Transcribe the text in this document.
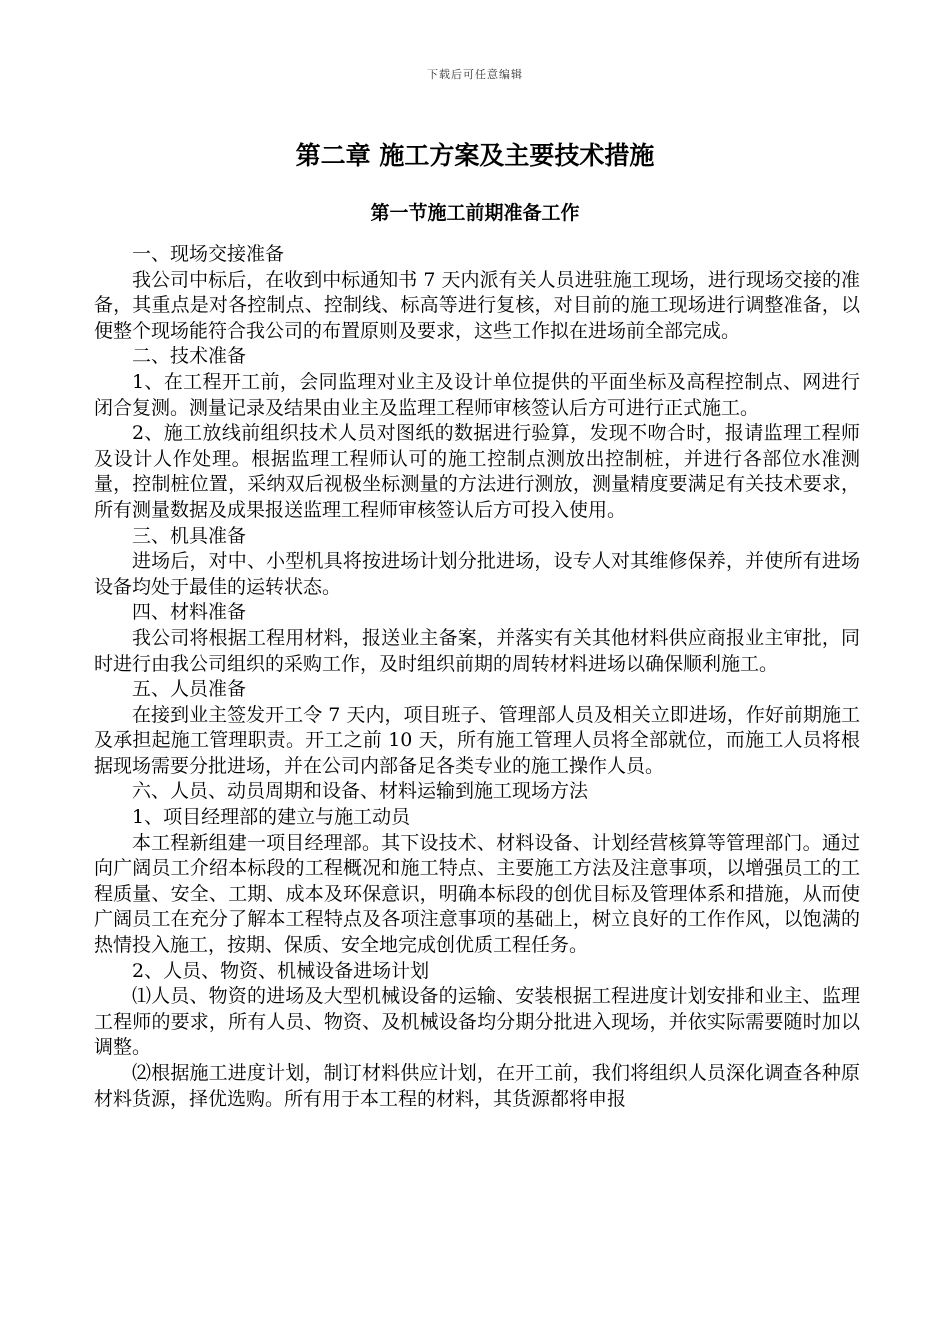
下载后可任意编辑
第二章 施工方案及主要技术措施
第一节施工前期准备工作

一、现场交接准备

我公司中标后，在收到中标通知书 7 天内派有关人员进驻施工现场，进行现场交接的准备，其重点是对各控制点、控制线、标高等进行复核，对目前的施工现场进行调整准备，以便整个现场能符合我公司的布置原则及要求，这些工作拟在进场前全部完成。

二、技术准备

1、在工程开工前，会同监理对业主及设计单位提供的平面坐标及高程控制点、网进行闭合复测。测量记录及结果由业主及监理工程师审核签认后方可进行正式施工。

2、施工放线前组织技术人员对图纸的数据进行验算，发现不吻合时，报请监理工程师及设计人作处理。根据监理工程师认可的施工控制点测放出控制桩，并进行各部位水准测量，控制桩位置，采纳双后视极坐标测量的方法进行测放，测量精度要满足有关技术要求，所有测量数据及成果报送监理工程师审核签认后方可投入使用。

三、机具准备

进场后，对中、小型机具将按进场计划分批进场，设专人对其维修保养，并使所有进场设备均处于最佳的运转状态。

四、材料准备

我公司将根据工程用材料，报送业主备案，并落实有关其他材料供应商报业主审批，同时进行由我公司组织的采购工作，及时组织前期的周转材料进场以确保顺利施工。

五、人员准备

在接到业主签发开工令 7 天内，项目班子、管理部人员及相关立即进场，作好前期施工及承担起施工管理职责。开工之前 10 天，所有施工管理人员将全部就位，而施工人员将根据现场需要分批进场，并在公司内部备足各类专业的施工操作人员。

六、人员、动员周期和设备、材料运输到施工现场方法

1、项目经理部的建立与施工动员

本工程新组建一项目经理部。其下设技术、材料设备、计划经营核算等管理部门。通过向广阔员工介绍本标段的工程概况和施工特点、主要施工方法及注意事项，以增强员工的工程质量、安全、工期、成本及环保意识，明确本标段的创优目标及管理体系和措施，从而使广阔员工在充分了解本工程特点及各项注意事项的基础上，树立良好的工作作风，以饱满的热情投入施工，按期、保质、安全地完成创优质工程任务。

2、人员、物资、机械设备进场计划

⑴人员、物资的进场及大型机械设备的运输、安装根据工程进度计划安排和业主、监理工程师的要求，所有人员、物资、及机械设备均分期分批进入现场，并依实际需要随时加以调整。

⑵根据施工进度计划，制订材料供应计划，在开工前，我们将组织人员深化调查各种原材料货源，择优选购。所有用于本工程的材料，其货源都将申报
